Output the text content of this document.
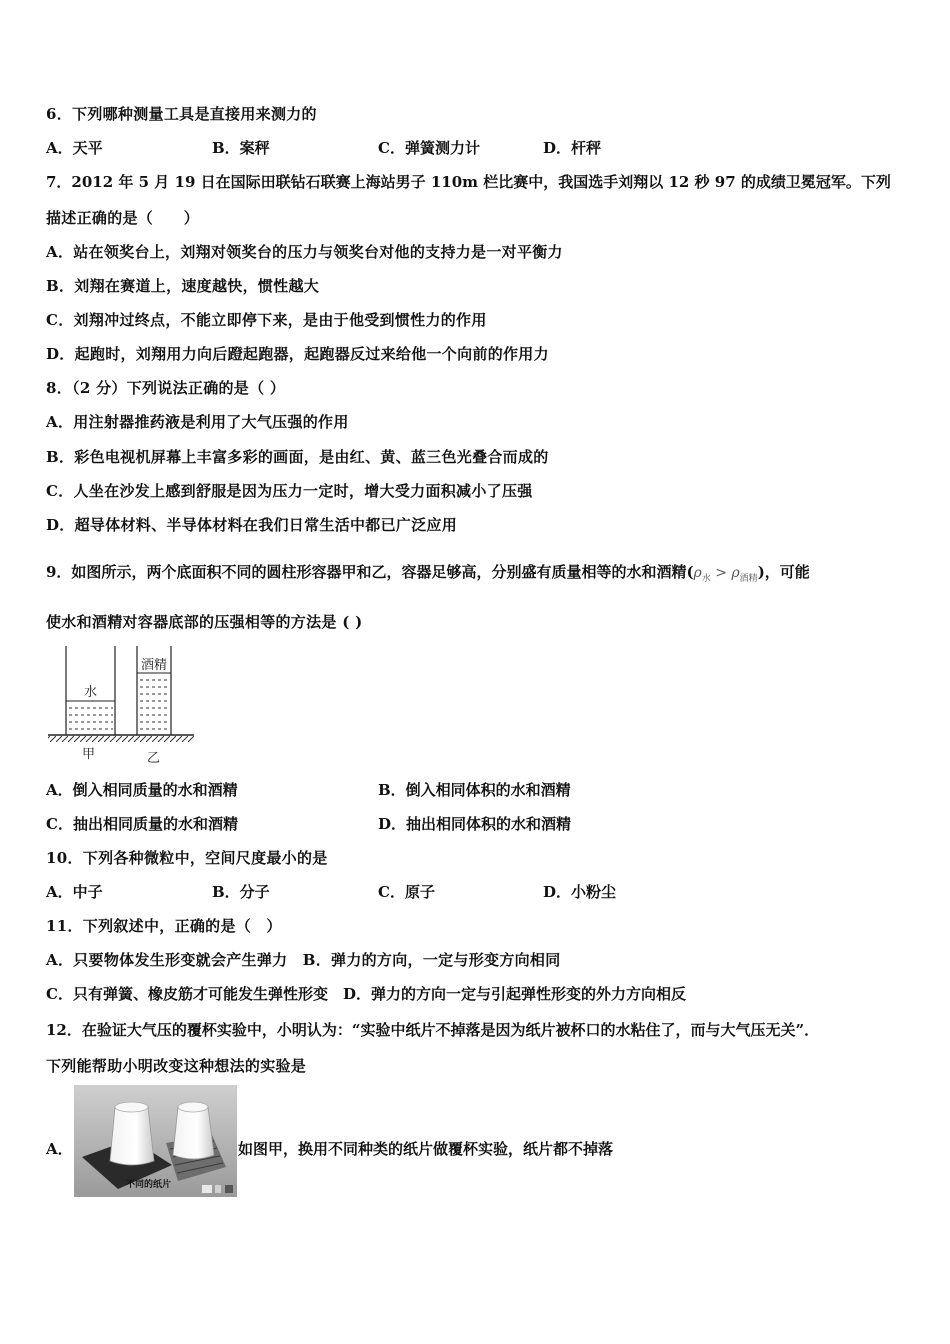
6．下列哪种测量工具是直接用来测力的
A．天平	B．案秤	C．弹簧测力计	D．杆秤
7．2012 年 5 月 19 日在国际田联钻石联赛上海站男子 110m 栏比赛中，我国选手刘翔以 12 秒 97 的成绩卫冕冠军。下列
描述正确的是（　　）
A．站在领奖台上，刘翔对领奖台的压力与领奖台对他的支持力是一对平衡力
B．刘翔在赛道上，速度越快，惯性越大
C．刘翔冲过终点，不能立即停下来，是由于他受到惯性力的作用
D．起跑时，刘翔用力向后蹬起跑器，起跑器反过来给他一个向前的作用力
8．（2 分）下列说法正确的是（ ）
A．用注射器推药液是利用了大气压强的作用
B．彩色电视机屏幕上丰富多彩的画面，是由红、黄、蓝三色光叠合而成的
C．人坐在沙发上感到舒服是因为压力一定时，增大受力面积减小了压强
D．超导体材料、半导体材料在我们日常生活中都已广泛应用
9．如图所示，两个底面积不同的圆柱形容器甲和乙，容器足够高，分别盛有质量相等的水和酒精$(\rho_水 > \rho_{酒精})$，可能
使水和酒精对容器底部的压强相等的方法是 ( )
水
酒精
甲	乙
A．倒入相同质量的水和酒精	B．倒入相同体积的水和酒精
C．抽出相同质量的水和酒精	D．抽出相同体积的水和酒精
10．下列各种微粒中，空间尺度最小的是
A．中子	B．分子	C．原子	D．小粉尘
11．下列叙述中，正确的是（　）
A．只要物体发生形变就会产生弹力　B．弹力的方向，一定与形变方向相同
C．只有弹簧、橡皮筋才可能发生弹性形变　D．弹力的方向一定与引起弹性形变的外力方向相反
12．在验证大气压的覆杯实验中，小明认为：“实验中纸片不掉落是因为纸片被杯口的水粘住了，而与大气压无关”．
下列能帮助小明改变这种想法的实验是
A．
不同的纸片
如图甲，换用不同种类的纸片做覆杯实验，纸片都不掉落
